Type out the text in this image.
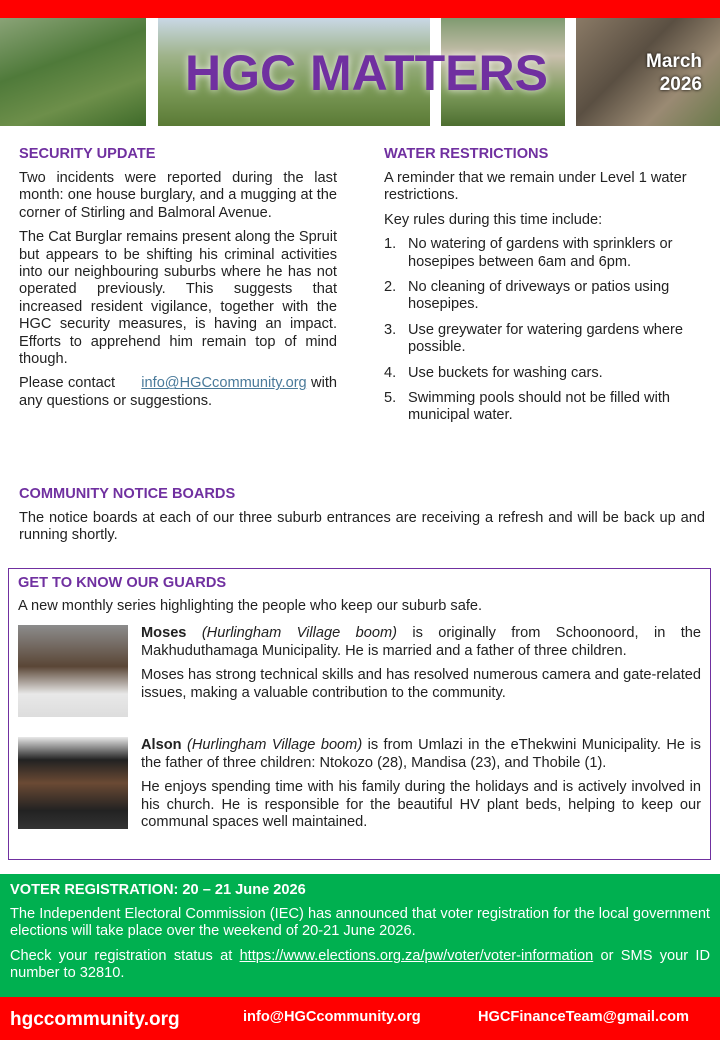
HGC MATTERS	March
2026
SECURITY UPDATE

Two incidents were reported during the last month: one house burglary, and a mugging at the corner of Stirling and Balmoral Avenue.

The Cat Burglar remains present along the Spruit but appears to be shifting his criminal activities into our neighbouring suburbs where he has not operated previously. This suggests that increased resident vigilance, together with the HGC security measures, is having an impact. Efforts to apprehend him remain top of mind though.

Please contact info@HGCcommunity.org with any questions or suggestions.

WATER RESTRICTIONS

A reminder that we remain under Level 1 water restrictions.

Key rules during this time include:

1. No watering of gardens with sprinklers or hosepipes between 6am and 6pm.
2. No cleaning of driveways or patios using hosepipes.
3. Use greywater for watering gardens where possible.
4. Use buckets for washing cars.
5. Swimming pools should not be filled with municipal water.
COMMUNITY NOTICE BOARDS

The notice boards at each of our three suburb entrances are receiving a refresh and will be back up and running shortly.

GET TO KNOW OUR GUARDS

A new monthly series highlighting the people who keep our suburb safe.

Moses (Hurlingham Village boom) is originally from Schoonoord, in the Makhuduthamaga Municipality. He is married and a father of three children.

Moses has strong technical skills and has resolved numerous camera and gate-related issues, making a valuable contribution to the community.

Alson (Hurlingham Village boom) is from Umlazi in the eThekwini Municipality. He is the father of three children: Ntokozo (28), Mandisa (23), and Thobile (1).

He enjoys spending time with his family during the holidays and is actively involved in his church. He is responsible for the beautiful HV plant beds, helping to keep our communal spaces well maintained.

VOTER REGISTRATION: 20 – 21 June 2026

The Independent Electoral Commission (IEC) has announced that voter registration for the local government elections will take place over the weekend of 20-21 June 2026.

Check your registration status at https://www.elections.org.za/pw/voter/voter-information or SMS your ID number to 32810.

hgccommunity.org	info@HGCcommunity.org	HGCFinanceTeam@gmail.com
